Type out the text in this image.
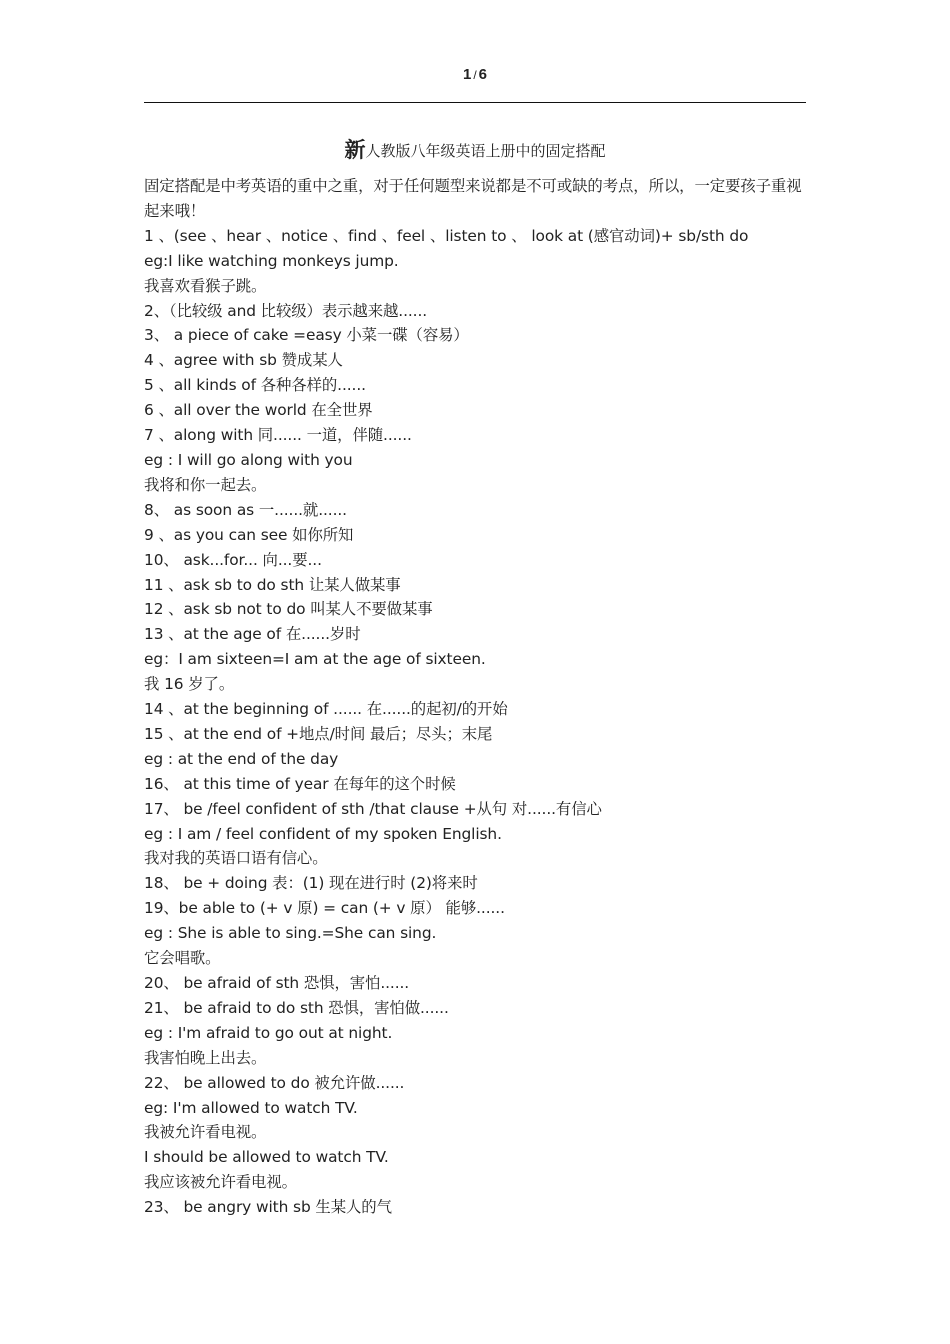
1 / 6
新人教版八年级英语上册中的固定搭配

固定搭配是中考英语的重中之重，对于任何题型来说都是不可或缺的考点，所以，一定要孩子重视起来哦！

1 、(see 、hear 、notice 、find 、feel 、listen to 、 look at (感官动词)+ sb/sth do

eg:I like watching monkeys jump.

我喜欢看猴子跳。

2、（比较级 and 比较级）表示越来越......

3、 a piece of cake =easy 小菜一碟（容易）

4 、agree with sb 赞成某人

5 、all kinds of 各种各样的......

6 、all over the world 在全世界

7 、along with 同...... 一道，伴随......

eg : I will go along with you

我将和你一起去。

8、 as soon as 一......就......

9 、as you can see 如你所知

10、 ask...for... 向...要...

11 、ask sb to do sth 让某人做某事

12 、ask sb not to do 叫某人不要做某事

13 、at the age of 在......岁时

eg：I am sixteen=I am at the age of sixteen.

我 16 岁了。

14 、at the beginning of ...... 在......的起初/的开始

15 、at the end of +地点/时间 最后；尽头；末尾

eg : at the end of the day

16、 at this time of year 在每年的这个时候

17、 be /feel confident of sth /that clause +从句 对......有信心

eg : I am / feel confident of my spoken English.

我对我的英语口语有信心。

18、 be + doing 表：(1) 现在进行时 (2)将来时

19、be able to (+ v 原) = can (+ v 原） 能够......

eg : She is able to sing.=She can sing.

它会唱歌。

20、 be afraid of sth 恐惧，害怕......

21、 be afraid to do sth 恐惧，害怕做......

eg : I'm afraid to go out at night.

我害怕晚上出去。

22、 be allowed to do 被允许做......

eg: I'm allowed to watch TV.

我被允许看电视。

I should be allowed to watch TV.

我应该被允许看电视。

23、 be angry with sb 生某人的气
